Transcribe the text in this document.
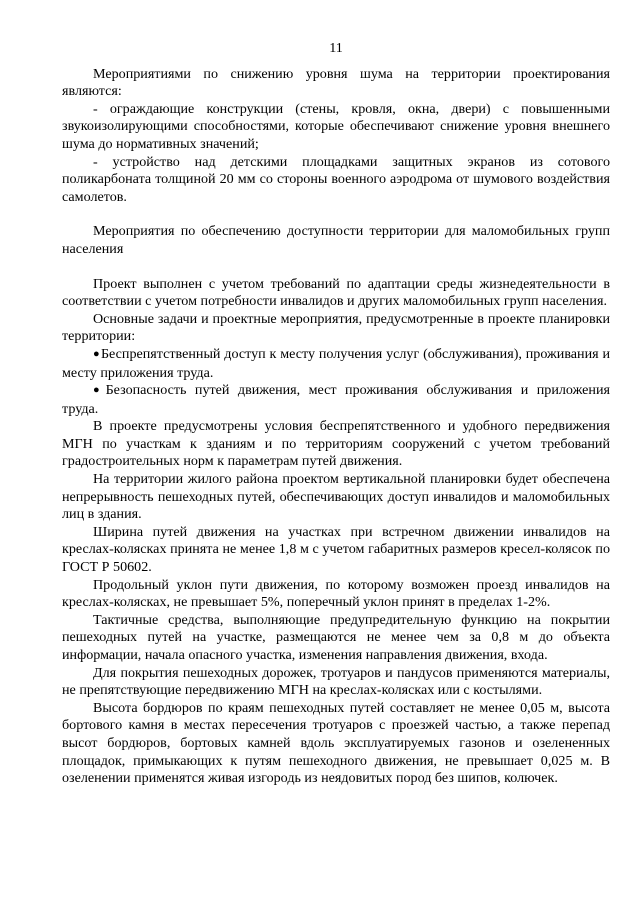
11

Мероприятиями по снижению уровня шума на территории проектирования являются:

- ограждающие конструкции (стены, кровля, окна, двери) с повышенными звукоизолирующими способностями, которые обеспечивают снижение уровня внешнего шума до нормативных значений;

- устройство над детскими площадками защитных экранов из сотового поликарбоната толщиной 20 мм со стороны военного аэродрома от шумового воздействия самолетов.

Мероприятия по обеспечению доступности территории для маломобильных групп населения

Проект выполнен с учетом требований по адаптации среды жизнедеятельности в соответствии с учетом потребности инвалидов и других маломобильных групп населения.

Основные задачи и проектные мероприятия, предусмотренные в проекте планировки территории:

●Беспрепятственный доступ к месту получения услуг (обслуживания), проживания и месту приложения труда.

●Безопасность путей движения, мест проживания обслуживания и приложения труда.

В проекте предусмотрены условия беспрепятственного и удобного передвижения МГН по участкам к зданиям и по территориям сооружений с учетом требований градостроительных норм к параметрам путей движения.

На территории жилого района проектом вертикальной планировки будет обеспечена непрерывность пешеходных путей, обеспечивающих доступ инвалидов и маломобильных лиц в здания.

Ширина путей движения на участках при встречном движении инвалидов на креслах-колясках принята не менее 1,8 м с учетом габаритных размеров кресел-колясок по ГОСТ Р 50602.

Продольный уклон пути движения, по которому возможен проезд инвалидов на креслах-колясках, не превышает 5%, поперечный уклон принят в пределах 1-2%.

Тактичные средства, выполняющие предупредительную функцию на покрытии пешеходных путей на участке, размещаются не менее чем за 0,8 м до объекта информации, начала опасного участка, изменения направления движения, входа.

Для покрытия пешеходных дорожек, тротуаров и пандусов применяются материалы, не препятствующие передвижению МГН на креслах-колясках или с костылями.

Высота бордюров по краям пешеходных путей составляет не менее 0,05 м, высота бортового камня в местах пересечения тротуаров с проезжей частью, а также перепад высот бордюров, бортовых камней вдоль эксплуатируемых газонов и озелененных площадок, примыкающих к путям пешеходного движения, не превышает 0,025 м. В озеленении применятся живая изгородь из неядовитых пород без шипов, колючек.
